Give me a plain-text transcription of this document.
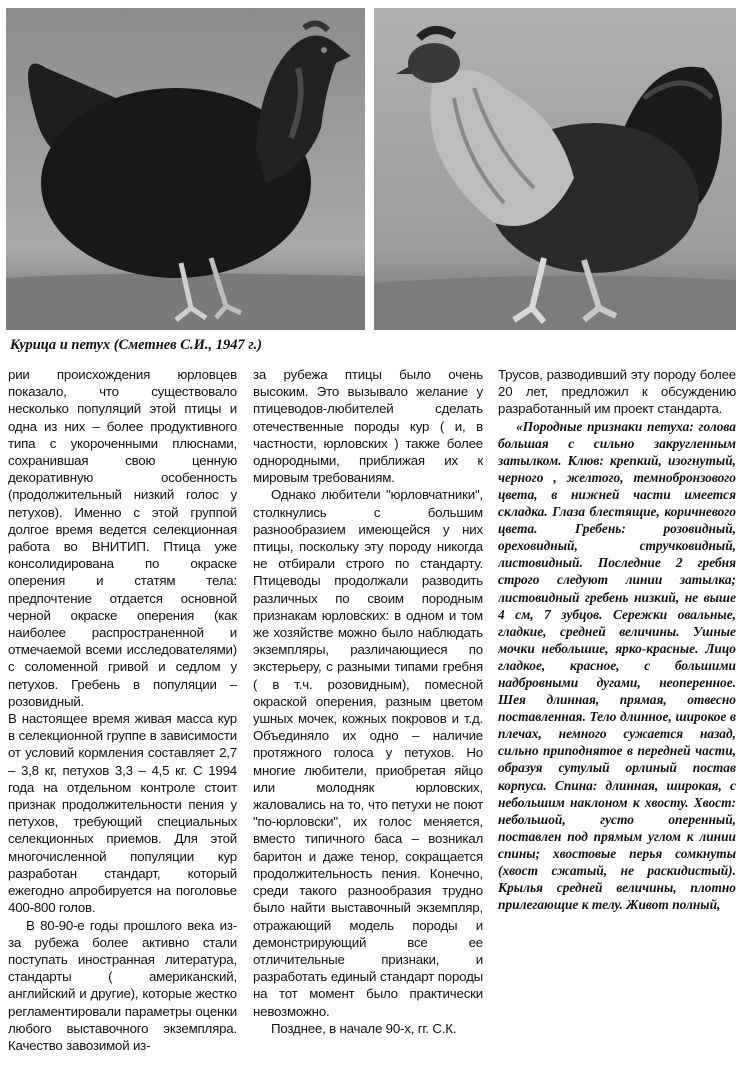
Курица и петух (Сметнев С.И., 1947 г.)

рии происхождения юрловцев показало, что существовало несколько популяций этой птицы и одна из них – более продуктивного типа с укороченными плюснами, сохранившая свою ценную декоративную особенность (продолжительный низкий голос у петухов). Именно с этой группой долгое время ведется селекционная работа во ВНИТИП. Птица уже консолидирована по окраске оперения и статям тела: предпочтение отдается основной черной окраске оперения (как наиболее распространенной и отмечаемой всеми исследователями) с соломенной гривой и седлом у петухов. Гребень в популяции – розовидный.

В настоящее время живая масса кур в селекционной группе в зависимости от условий кормления составляет 2,7 – 3,8 кг, петухов 3,3 – 4,5 кг. С 1994 года на отдельном контроле стоит признак продолжительности пения у петухов, требующий специальных селекционных приемов. Для этой многочисленной популяции кур разработан стандарт, который ежегодно апробируется на поголовье 400-800 голов.

В 80-90-е годы прошлого века из-за рубежа более активно стали поступать иностранная литература, стандарты ( американский, английский и другие), которые жестко регламентировали параметры оценки любого выставочного экземпляра. Качество завозимой из-

за рубежа птицы было очень высоким. Это вызывало желание у птицеводов-любителей сделать отечественные породы кур ( и, в частности, юрловских ) также более однородными, приближая их к мировым требованиям.

Однако любители "юрловчатники", столкнулись с большим разнообразием имеющейся у них птицы, поскольку эту породу никогда не отбирали строго по стандарту. Птицеводы продолжали разводить различных по своим породным признакам юрловских: в одном и том же хозяйстве можно было наблюдать экземпляры, различающиеся по экстерьеру, с разными типами гребня ( в т.ч. розовидным), помесной окраской оперения, разным цветом ушных мочек, кожных покровов и т.д. Объединяло их одно – наличие протяжного голоса у петухов. Но многие любители, приобретая яйцо или молодняк юрловских, жаловались на то, что петухи не поют "по-юрловски", их голос меняется, вместо типичного баса – возникал баритон и даже тенор, сокращается продолжительность пения. Конечно, среди такого разнообразия трудно было найти выставочный экземпляр, отражающий модель породы и демонстрирующий все ее отличительные признаки, и разработать единый стандарт породы на тот момент было практически невозможно.

Позднее, в начале 90-х, гг. С.К.

Трусов, разводивший эту породу более 20 лет, предложил к обсуждению разработанный им проект стандарта.

«Породные признаки петуха: голова большая с сильно закругленным затылком. Клюв: крепкий, изогнутый, черного , желтого, темнобронзового цвета, в нижней части имеется складка. Глаза блестящие, коричневого цвета. Гребень: розовидный, ореховидный, стручковидный, листовидный. Последние 2 гребня строго следуют линии затылка; листовидный гребень низкий, не выше 4 см, 7 зубцов. Сережки овальные, гладкие, средней величины. Ушные мочки небольшие, ярко-красные. Лицо гладкое, красное, с большими надбровными дугами, неоперенное. Шея длинная, прямая, отвесно поставленная. Тело длинное, широкое в плечах, немного сужается назад, сильно приподнятое в передней части, образуя сутулый орлиный постав корпуса. Спина: длинная, широкая, с небольшим наклоном к хвосту. Хвост: небольшой, густо оперенный, поставлен под прямым углом к линии спины; хвостовые перья сомкнуты (хвост сжатый, не раскидистый). Крылья средней величины, плотно прилегающие к телу. Живот полный,
